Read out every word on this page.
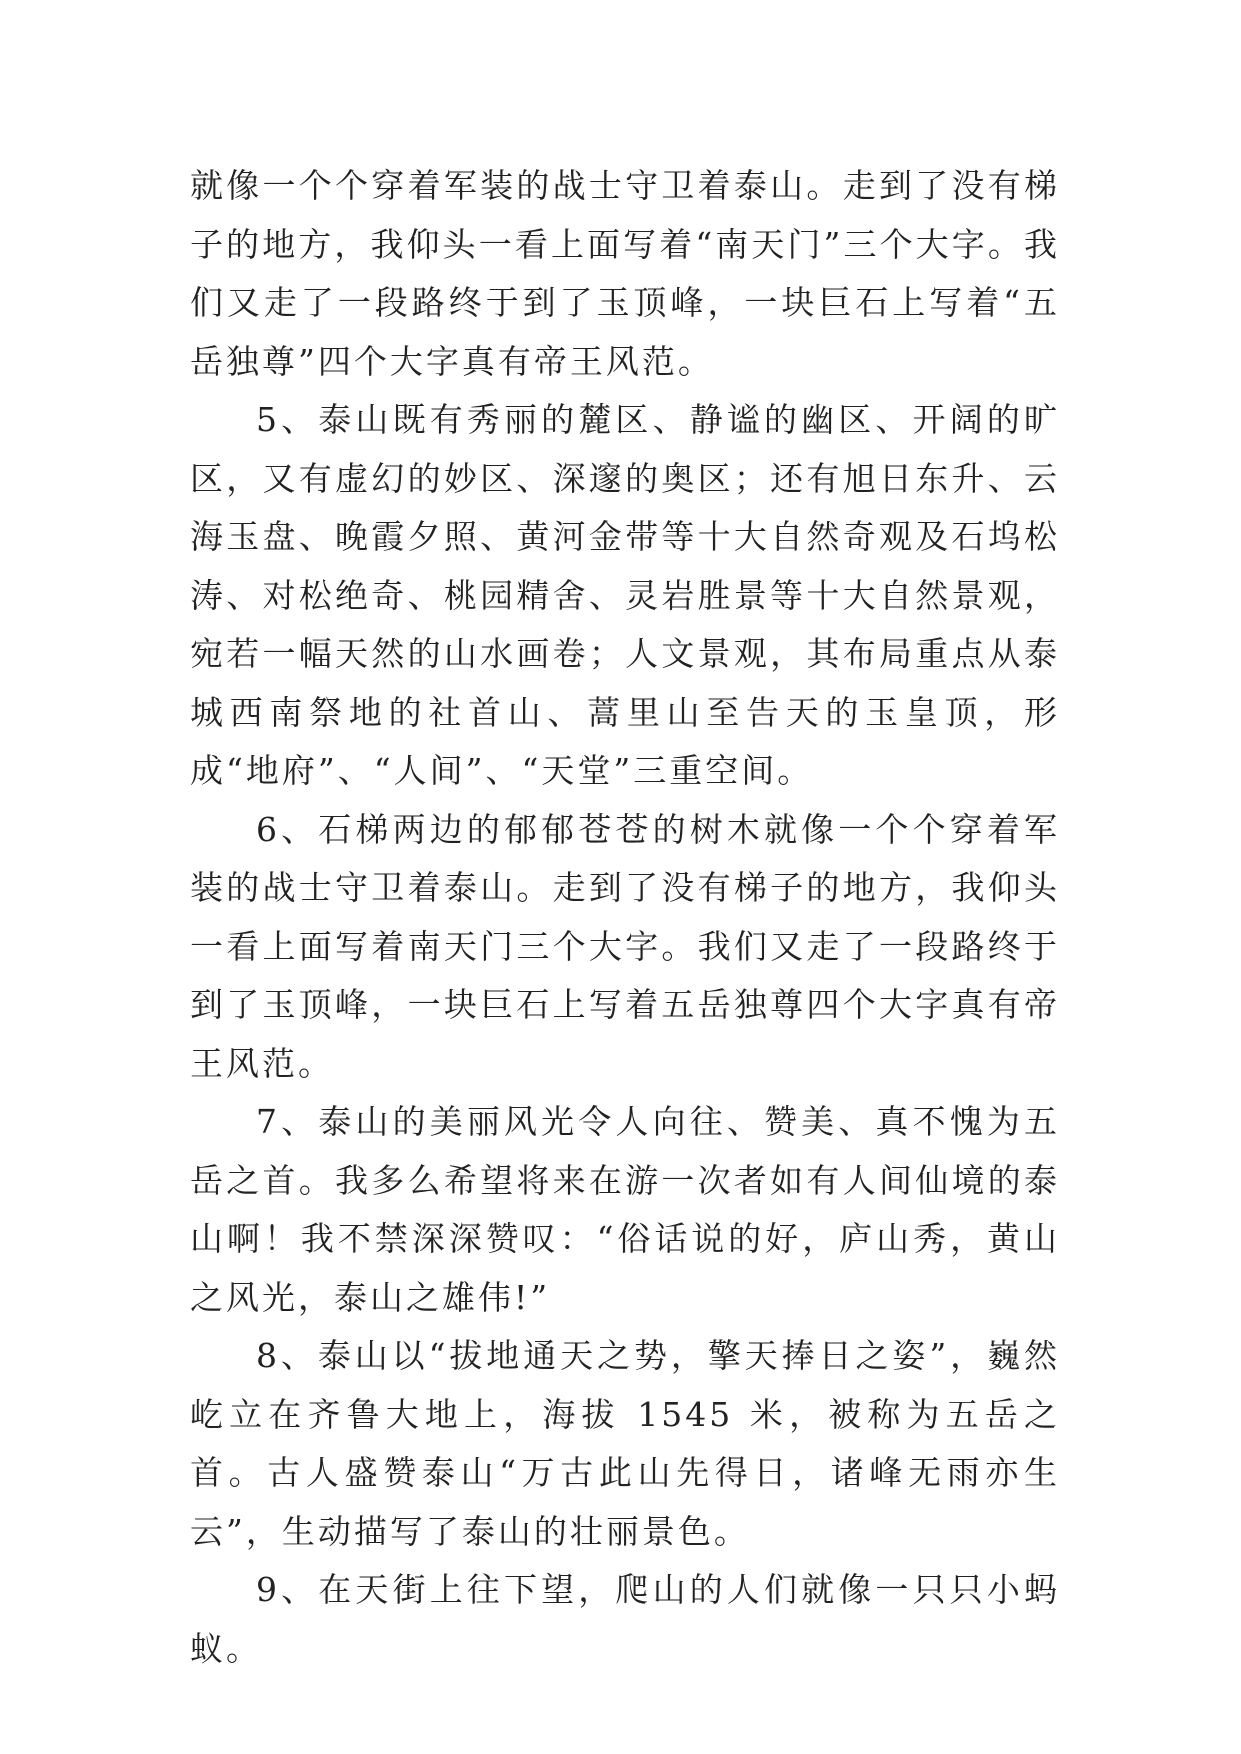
就像一个个穿着军装的战士守卫着泰山。走到了没有梯子的地方，我仰头一看上面写着“南天门”三个大字。我们又走了一段路终于到了玉顶峰，一块巨石上写着“五岳独尊”四个大字真有帝王风范。

5、泰山既有秀丽的麓区、静谧的幽区、开阔的旷区，又有虚幻的妙区、深邃的奥区；还有旭日东升、云海玉盘、晚霞夕照、黄河金带等十大自然奇观及石坞松涛、对松绝奇、桃园精舍、灵岩胜景等十大自然景观，宛若一幅天然的山水画卷；人文景观，其布局重点从泰城西南祭地的社首山、蒿里山至告天的玉皇顶，形成“地府”、“人间”、“天堂”三重空间。

6、石梯两边的郁郁苍苍的树木就像一个个穿着军装的战士守卫着泰山。走到了没有梯子的地方，我仰头一看上面写着南天门三个大字。我们又走了一段路终于到了玉顶峰，一块巨石上写着五岳独尊四个大字真有帝王风范。

7、泰山的美丽风光令人向往、赞美、真不愧为五岳之首。我多么希望将来在游一次者如有人间仙境的泰山啊！我不禁深深赞叹：“俗话说的好，庐山秀，黄山之风光，泰山之雄伟!”

8、泰山以“拔地通天之势，擎天捧日之姿”，巍然屹立在齐鲁大地上，海拔 1545 米，被称为五岳之首。古人盛赞泰山“万古此山先得日，诸峰无雨亦生云”，生动描写了泰山的壮丽景色。

9、在天街上往下望，爬山的人们就像一只只小蚂蚁。
